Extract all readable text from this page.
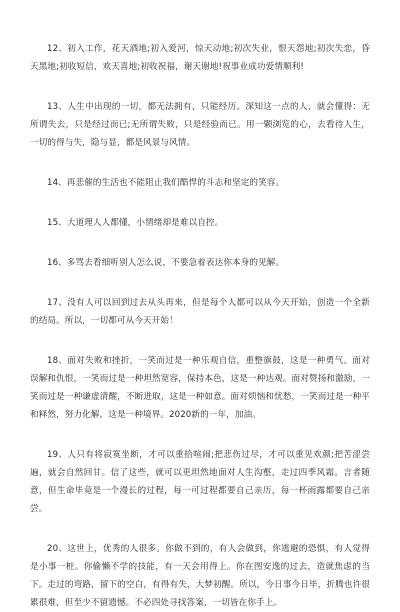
12、初入工作，花天酒地;初入爱河，惊天动地;初次失业，恨天怨地;初次失恋，昏天黑地;初收短信，欢天喜地;初收祝福，谢天谢地!祝事业成功爱情顺利!

13、人生中出现的一切，都无法拥有，只能经历。深知这一点的人，就会懂得：无所谓失去，只是经过而已;无所谓失败，只是经验而已。用一颗浏览的心，去看待人生，一切的得与失，隐与显，都是风景与风情。

14、再悲催的生活也不能阻止我们酷悍的斗志和坚定的笑容。

15、大道理人人都懂，小情绪却是难以自控。

16、多骂去看细听别人怎么说，不要急着表达你本身的见解。

17、没有人可以回到过去从头再来，但是每个人都可以从今天开始，创造一个全新的结局。所以，一切都可从今天开始！

18、面对失败和挫折，一笑而过是一种乐观自信，重整旗鼓，这是一种勇气。面对误解和仇恨，一笑而过是一种坦然宽容，保持本色，这是一种达观。面对赞扬和激励，一笑而过是一种谦虚清醒，不断进取，这是一种如意。面对烦恼和忧愁，一笑而过是一种平和释然，努力化解，这是一种境界。2020新的一年，加油。

19、人只有将寂寞坐断，才可以重拾喧闹;把悲伤过尽，才可以重见欢颜;把苦涩尝遍，就会自然回甘。信了这些，就可以更坦然地面对人生沟壑，走过四季风霜。言者随意，但生命毕竟是一个漫长的过程，每一可过程都要自己亲历，每一杯雨露都要自己亲尝。

20、这世上，优秀的人很多。你做不到的，有人会做到，你逃避的恐惧，有人觉得是小事一桩。你偷懒不学的技能，有一天会用得上。你在图安逸的过去，造就焦虑的当下。走过的弯路，留下的空白，有得有失，大梦初醒。所以，今日事今日毕，折腾也许很累很难，但至少不留遗憾。不必四处寻找答案，一切皆在你手上。
